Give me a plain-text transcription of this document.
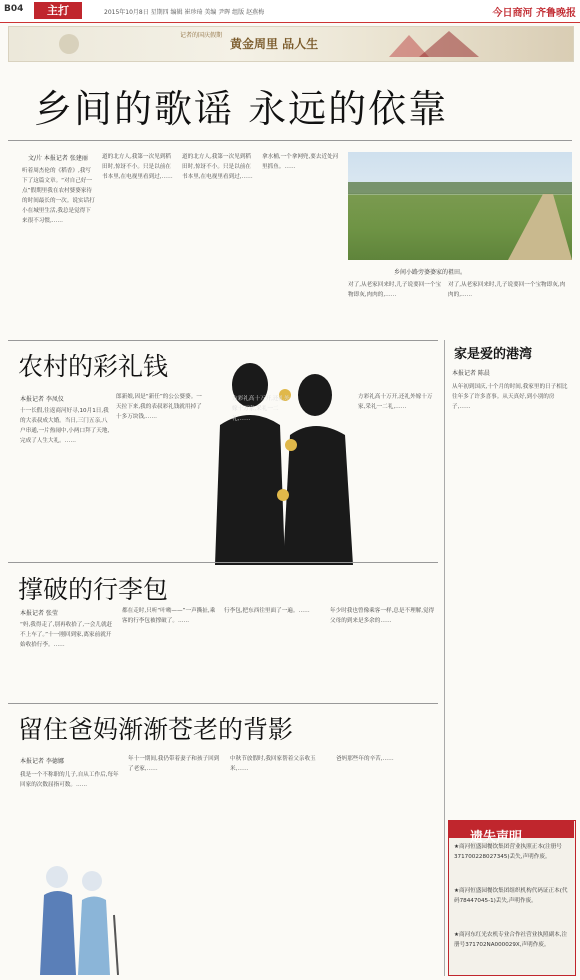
B04	主打	2015年10月8日 星期四 编辑 崔珍琦 美编 尹晖 组版 赵燕梅	今日商河 齐鲁晚报
记者的国庆假期
黄金周里 品人生
乡间的歌谣 永远的依靠
文/片 本报记者 张建丽
听着周杰伦的《稻香》,我写下了这篇文章。“对自己好一点”假期里我在农村婆婆家待的时间最长的一次。说实话打小在城里生活,我总是觉得下来很不习惯,……
道的北方人,我第一次见到稻田时,惊讶不小。只是以前在书本里,在电视里看到过,……
道的北方人,我第一次见到稻田时,惊讶不小。只是以前在书本里,在电视里看到过,……
拿水桶,一个拿网兜,要去近处河里抓鱼。……
乡间小路旁婆婆家的祖田。
对了,从老家回来时,儿子说要回一个宝物即灰,肉肉的,……
对了,从老家回来时,儿子说要回一个宝物即灰,肉肉的,……
农村的彩礼钱
本报记者 李凤仪
十一长假,往返商河好寻,10月1日,我的大表叔成大婚。当日,三门五亲,八户串通,一片热闹中,小两口拜了天地,完成了人生大礼。……
郎新娘,因是“新任”的公公婆婆。一天拉下来,我的表叔彩礼钱就用掉了十多万块钱,……
方彩礼高十万开,还礼外嫁十万家,采礼一二礼,……
方彩礼高十万开,还礼外嫁十万家,采礼一二礼,……
家是爱的港湾
本报记者 陈晨
从年初到国庆,十个月的时间,我家里的日子相比往年多了许多喜事。从天真好,到小别的房子,……
撑破的行李包
本报记者 张莹
“妈,我得走了,别再收拾了,一会儿就赶不上车了。”十一刚回到家,离家前就开始收拾行李。……
都在走时,只听“叶呦——”一声撕扯,乘客的行李包被撑破了。……
行李包,把东西往里面了一遍。……	年少时我也曾像乘客一样,总是不理解,觉得父母的到来是多余的……
留住爸妈渐渐苍老的背影
本报记者 李德娜
我是一个不称职的儿子,自从工作后,每年回家的次数屈指可数。……
年十一期间,我仍带着妻子和孩子回到了老家,……
中秋节放假时,我回家帮着父亲收玉米,……
爸妈那些年的辛苦,……
遗失声明
★商河恒盛园餐饮集团营业执照正本(注册号371700228027345)丢失,声明作废。
★商河恒盛园餐饮集团组织机构代码证正本(代码78447045-1)丢失,声明作废。
★商河东红光农机专业合作社营业执照副本,注册号371702NA000029X,声明作废。
